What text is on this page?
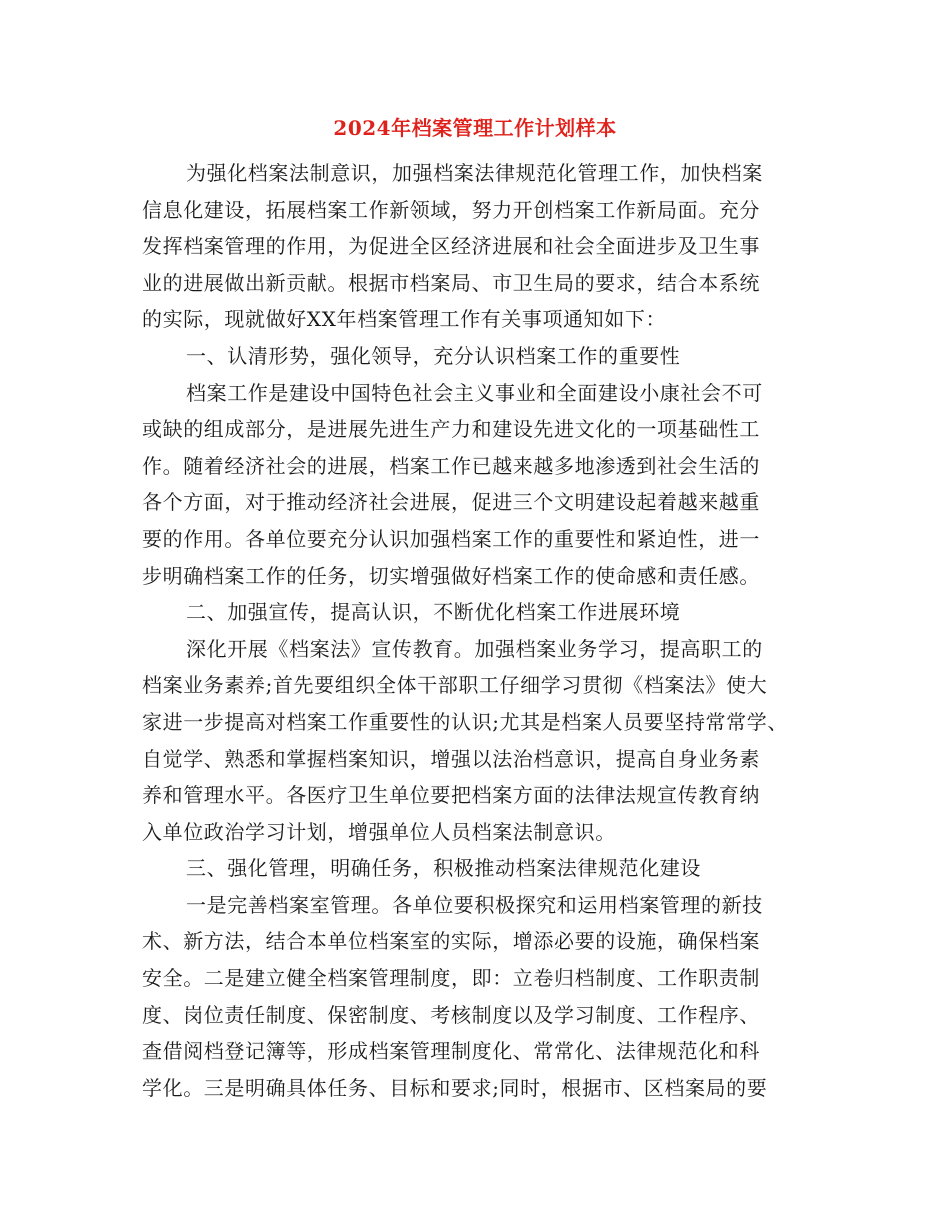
2024年档案管理工作计划样本
为强化档案法制意识，加强档案法律规范化管理工作，加快档案
信息化建设，拓展档案工作新领域，努力开创档案工作新局面。充分
发挥档案管理的作用，为促进全区经济进展和社会全面进步及卫生事
业的进展做出新贡献。根据市档案局、市卫生局的要求，结合本系统
的实际，现就做好XX年档案管理工作有关事项通知如下：
一、认清形势，强化领导，充分认识档案工作的重要性
档案工作是建设中国特色社会主义事业和全面建设小康社会不可
或缺的组成部分，是进展先进生产力和建设先进文化的一项基础性工
作。随着经济社会的进展，档案工作已越来越多地渗透到社会生活的
各个方面，对于推动经济社会进展，促进三个文明建设起着越来越重
要的作用。各单位要充分认识加强档案工作的重要性和紧迫性，进一
步明确档案工作的任务，切实增强做好档案工作的使命感和责任感。
二、加强宣传，提高认识，不断优化档案工作进展环境
深化开展《档案法》宣传教育。加强档案业务学习，提高职工的
档案业务素养;首先要组织全体干部职工仔细学习贯彻《档案法》使大
家进一步提高对档案工作重要性的认识;尤其是档案人员要坚持常常学、
自觉学、熟悉和掌握档案知识，增强以法治档意识，提高自身业务素
养和管理水平。各医疗卫生单位要把档案方面的法律法规宣传教育纳
入单位政治学习计划，增强单位人员档案法制意识。
三、强化管理，明确任务，积极推动档案法律规范化建设
一是完善档案室管理。各单位要积极探究和运用档案管理的新技
术、新方法，结合本单位档案室的实际，增添必要的设施，确保档案
安全。二是建立健全档案管理制度，即：立卷归档制度、工作职责制
度、岗位责任制度、保密制度、考核制度以及学习制度、工作程序、
查借阅档登记簿等，形成档案管理制度化、常常化、法律规范化和科
学化。三是明确具体任务、目标和要求;同时，根据市、区档案局的要
